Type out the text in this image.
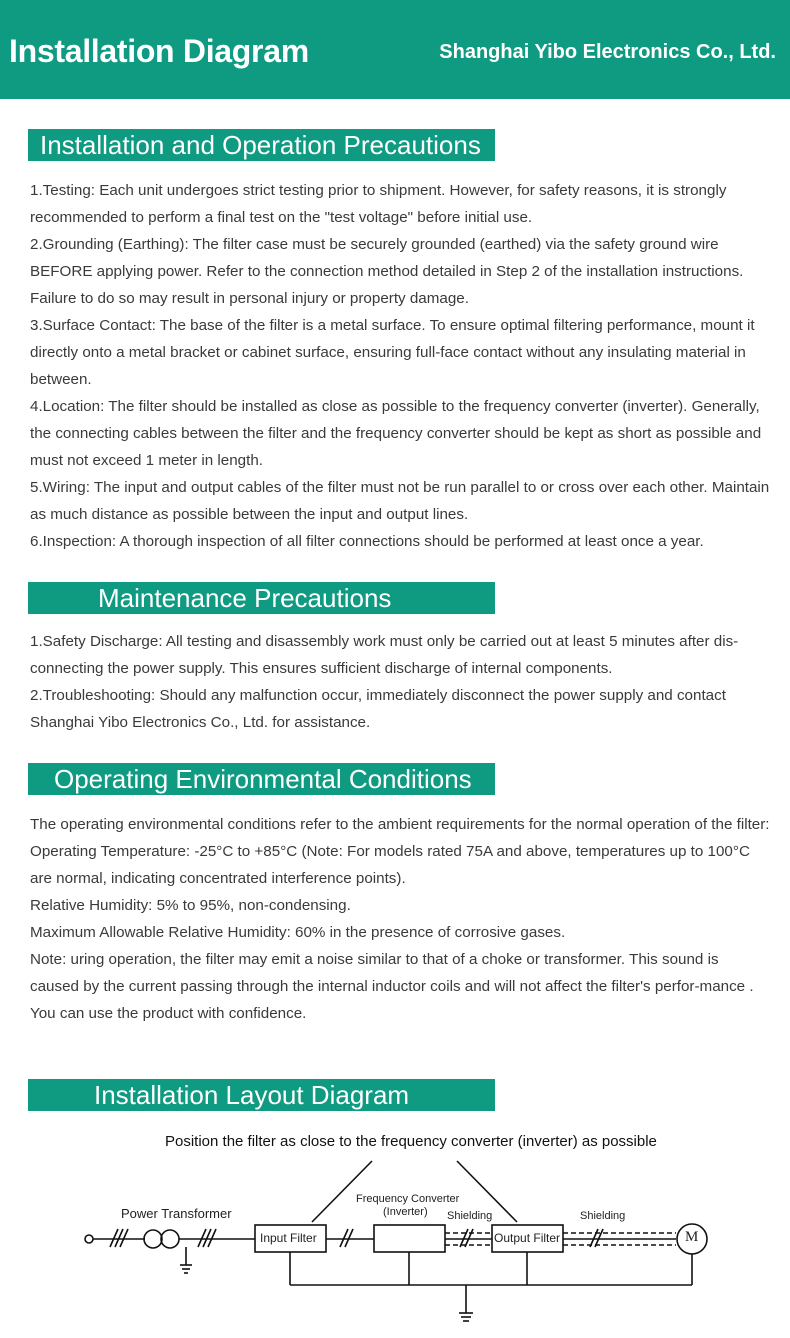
Installation Diagram	Shanghai Yibo Electronics Co., Ltd.
Installation and Operation Precautions

1.Testing: Each unit undergoes strict testing prior to shipment. However, for safety reasons, it is strongly recommended to perform a final test on the "test voltage" before initial use.

2.Grounding (Earthing): The filter case must be securely grounded (earthed) via the safety ground wire BEFORE applying power. Refer to the connection method detailed in Step 2 of the installation instructions. Failure to do so may result in personal injury or property damage.

3.Surface Contact: The base of the filter is a metal surface. To ensure optimal filtering performance, mount it directly onto a metal bracket or cabinet surface, ensuring full-face contact without any insulating material in between.

4.Location: The filter should be installed as close as possible to the frequency converter (inverter). Generally, the connecting cables between the filter and the frequency converter should be kept as short as possible and must not exceed 1 meter in length.

5.Wiring: The input and output cables of the filter must not be run parallel to or cross over each other. Maintain as much distance as possible between the input and output lines.

6.Inspection: A thorough inspection of all filter connections should be performed at least once a year.

Maintenance Precautions

1.Safety Discharge: All testing and disassembly work must only be carried out at least 5 minutes after dis-connecting the power supply. This ensures sufficient discharge of internal components.

2.Troubleshooting: Should any malfunction occur, immediately disconnect the power supply and contact Shanghai Yibo Electronics Co., Ltd. for assistance.

Operating Environmental Conditions

The operating environmental conditions refer to the ambient requirements for the normal operation of the filter:

Operating Temperature: -25°C to +85°C (Note: For models rated 75A and above, temperatures up to 100°C are normal, indicating concentrated interference points).

Relative Humidity: 5% to 95%, non-condensing.

Maximum Allowable Relative Humidity: 60% in the presence of corrosive gases.

Note: uring operation, the filter may emit a noise similar to that of a choke or transformer. This sound is caused by the current passing through the internal inductor coils and will not affect the filter's perfor-mance . You can use the product with confidence.

Installation Layout Diagram
Position the filter as close to the frequency converter (inverter) as possible
Power Transformer
Frequency Converter
(Inverter) Shielding	Shielding
Input Filter	Output Filter	M
